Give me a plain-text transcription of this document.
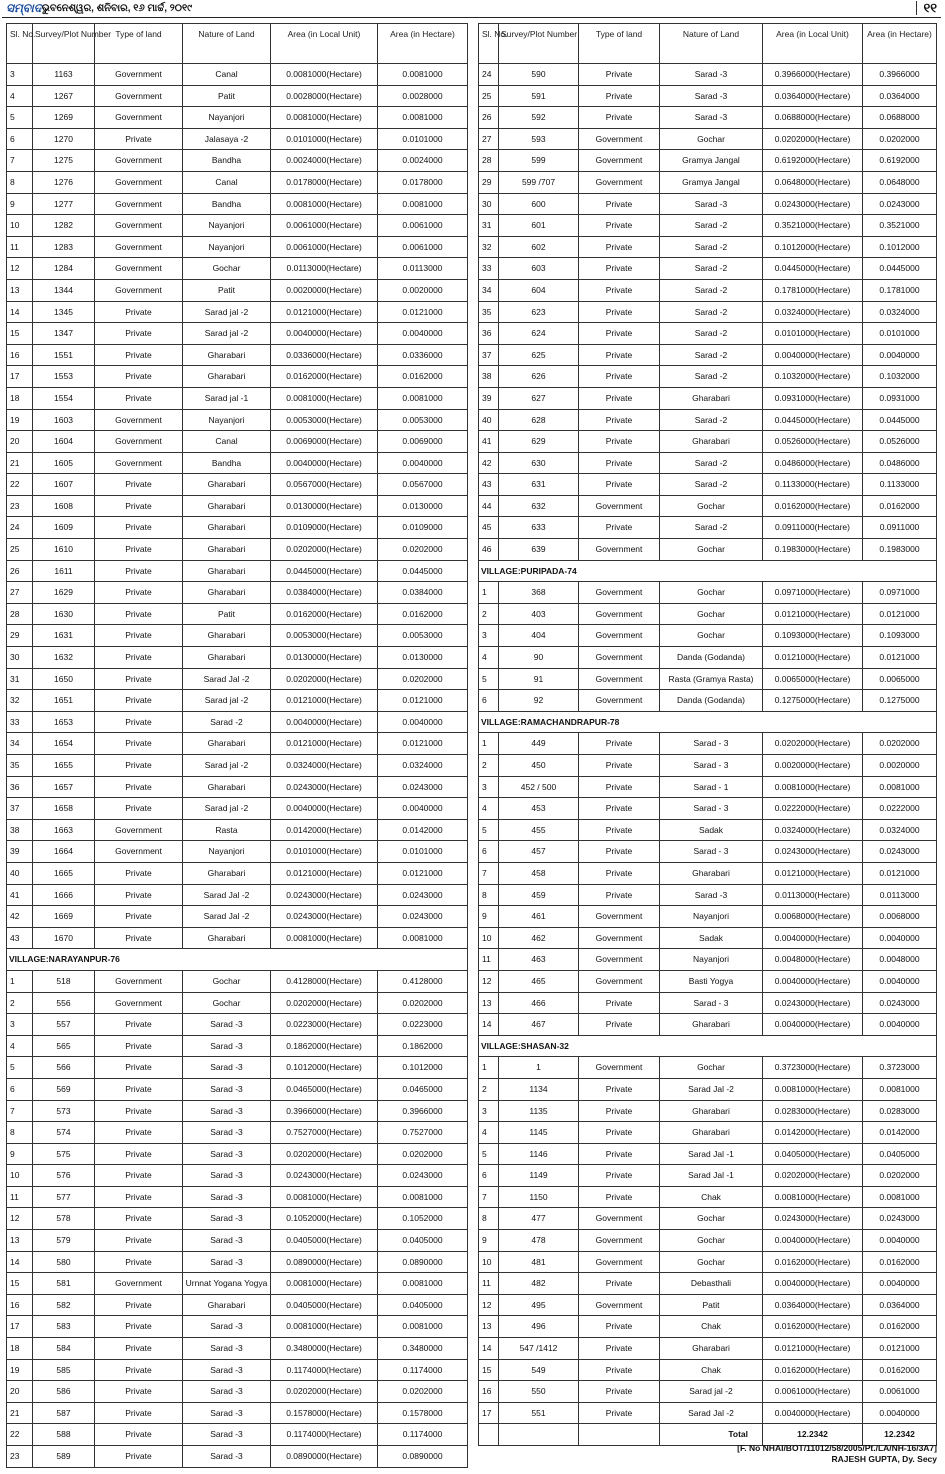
ସମ୍ବାଦ ଭୁବନେଶ୍ୱର, ଶନିବାର, ୧୬ ମାର୍ଚ୍ଚ, ୨୦୧୯	୧୧
Sl. No.	Survey/Plot Number	Type of land	Nature of Land	Area (in Local Unit)	Area (in Hectare)
3	1163	Government	Canal	0.0081000(Hectare)	0.0081000
4	1267	Government	Patit	0.0028000(Hectare)	0.0028000
5	1269	Government	Nayanjori	0.0081000(Hectare)	0.0081000
6	1270	Private	Jalasaya -2	0.0101000(Hectare)	0.0101000
7	1275	Government	Bandha	0.0024000(Hectare)	0.0024000
8	1276	Government	Canal	0.0178000(Hectare)	0.0178000
9	1277	Government	Bandha	0.0081000(Hectare)	0.0081000
10	1282	Government	Nayanjori	0.0061000(Hectare)	0.0061000
11	1283	Government	Nayanjori	0.0061000(Hectare)	0.0061000
12	1284	Government	Gochar	0.0113000(Hectare)	0.0113000
13	1344	Government	Patit	0.0020000(Hectare)	0.0020000
14	1345	Private	Sarad jal -2	0.0121000(Hectare)	0.0121000
15	1347	Private	Sarad jal -2	0.0040000(Hectare)	0.0040000
16	1551	Private	Gharabari	0.0336000(Hectare)	0.0336000
17	1553	Private	Gharabari	0.0162000(Hectare)	0.0162000
18	1554	Private	Sarad jal -1	0.0081000(Hectare)	0.0081000
19	1603	Government	Nayanjori	0.0053000(Hectare)	0.0053000
20	1604	Government	Canal	0.0069000(Hectare)	0.0069000
21	1605	Government	Bandha	0.0040000(Hectare)	0.0040000
22	1607	Private	Gharabari	0.0567000(Hectare)	0.0567000
23	1608	Private	Gharabari	0.0130000(Hectare)	0.0130000
24	1609	Private	Gharabari	0.0109000(Hectare)	0.0109000
25	1610	Private	Gharabari	0.0202000(Hectare)	0.0202000
26	1611	Private	Gharabari	0.0445000(Hectare)	0.0445000
27	1629	Private	Gharabari	0.0384000(Hectare)	0.0384000
28	1630	Private	Patit	0.0162000(Hectare)	0.0162000
29	1631	Private	Gharabari	0.0053000(Hectare)	0.0053000
30	1632	Private	Gharabari	0.0130000(Hectare)	0.0130000
31	1650	Private	Sarad Jal -2	0.0202000(Hectare)	0.0202000
32	1651	Private	Sarad jal -2	0.0121000(Hectare)	0.0121000
33	1653	Private	Sarad -2	0.0040000(Hectare)	0.0040000
34	1654	Private	Gharabari	0.0121000(Hectare)	0.0121000
35	1655	Private	Sarad jal -2	0.0324000(Hectare)	0.0324000
36	1657	Private	Gharabari	0.0243000(Hectare)	0.0243000
37	1658	Private	Sarad jal -2	0.0040000(Hectare)	0.0040000
38	1663	Government	Rasta	0.0142000(Hectare)	0.0142000
39	1664	Government	Nayanjori	0.0101000(Hectare)	0.0101000
40	1665	Private	Gharabari	0.0121000(Hectare)	0.0121000
41	1666	Private	Sarad Jal -2	0.0243000(Hectare)	0.0243000
42	1669	Private	Sarad Jal -2	0.0243000(Hectare)	0.0243000
43	1670	Private	Gharabari	0.0081000(Hectare)	0.0081000
VILLAGE:NARAYANPUR-76					
1	518	Government	Gochar	0.4128000(Hectare)	0.4128000
2	556	Government	Gochar	0.0202000(Hectare)	0.0202000
3	557	Private	Sarad -3	0.0223000(Hectare)	0.0223000
4	565	Private	Sarad -3	0.1862000(Hectare)	0.1862000
5	566	Private	Sarad -3	0.1012000(Hectare)	0.1012000
6	569	Private	Sarad -3	0.0465000(Hectare)	0.0465000
7	573	Private	Sarad -3	0.3966000(Hectare)	0.3966000
8	574	Private	Sarad -3	0.7527000(Hectare)	0.7527000
9	575	Private	Sarad -3	0.0202000(Hectare)	0.0202000
10	576	Private	Sarad -3	0.0243000(Hectare)	0.0243000
11	577	Private	Sarad -3	0.0081000(Hectare)	0.0081000
12	578	Private	Sarad -3	0.1052000(Hectare)	0.1052000
13	579	Private	Sarad -3	0.0405000(Hectare)	0.0405000
14	580	Private	Sarad -3	0.0890000(Hectare)	0.0890000
15	581	Government	Urnnat Yogana Yogya	0.0081000(Hectare)	0.0081000
16	582	Private	Gharabari	0.0405000(Hectare)	0.0405000
17	583	Private	Sarad -3	0.0081000(Hectare)	0.0081000
18	584	Private	Sarad -3	0.3480000(Hectare)	0.3480000
19	585	Private	Sarad -3	0.1174000(Hectare)	0.1174000
20	586	Private	Sarad -3	0.0202000(Hectare)	0.0202000
21	587	Private	Sarad -3	0.1578000(Hectare)	0.1578000
22	588	Private	Sarad -3	0.1174000(Hectare)	0.1174000
23	589	Private	Sarad -3	0.0890000(Hectare)	0.0890000
Sl. No.	Survey/Plot Number	Type of land	Nature of Land	Area (in Local Unit)	Area (in Hectare)
24	590	Private	Sarad -3	0.3966000(Hectare)	0.3966000
25	591	Private	Sarad -3	0.0364000(Hectare)	0.0364000
26	592	Private	Sarad -3	0.0688000(Hectare)	0.0688000
27	593	Government	Gochar	0.0202000(Hectare)	0.0202000
28	599	Government	Gramya Jangal	0.6192000(Hectare)	0.6192000
29	599 /707	Government	Gramya Jangal	0.0648000(Hectare)	0.0648000
30	600	Private	Sarad -3	0.0243000(Hectare)	0.0243000
31	601	Private	Sarad -2	0.3521000(Hectare)	0.3521000
32	602	Private	Sarad -2	0.1012000(Hectare)	0.1012000
33	603	Private	Sarad -2	0.0445000(Hectare)	0.0445000
34	604	Private	Sarad -2	0.1781000(Hectare)	0.1781000
35	623	Private	Sarad -2	0.0324000(Hectare)	0.0324000
36	624	Private	Sarad -2	0.0101000(Hectare)	0.0101000
37	625	Private	Sarad -2	0.0040000(Hectare)	0.0040000
38	626	Private	Sarad -2	0.1032000(Hectare)	0.1032000
39	627	Private	Gharabari	0.0931000(Hectare)	0.0931000
40	628	Private	Sarad -2	0.0445000(Hectare)	0.0445000
41	629	Private	Gharabari	0.0526000(Hectare)	0.0526000
42	630	Private	Sarad -2	0.0486000(Hectare)	0.0486000
43	631	Private	Sarad -2	0.1133000(Hectare)	0.1133000
44	632	Government	Gochar	0.0162000(Hectare)	0.0162000
45	633	Private	Sarad -2	0.0911000(Hectare)	0.0911000
46	639	Government	Gochar	0.1983000(Hectare)	0.1983000
VILLAGE:PURIPADA-74					
1	368	Government	Gochar	0.0971000(Hectare)	0.0971000
2	403	Government	Gochar	0.0121000(Hectare)	0.0121000
3	404	Government	Gochar	0.1093000(Hectare)	0.1093000
4	90	Government	Danda (Godanda)	0.0121000(Hectare)	0.0121000
5	91	Government	Rasta (Gramya Rasta)	0.0065000(Hectare)	0.0065000
6	92	Government	Danda (Godanda)	0.1275000(Hectare)	0.1275000
VILLAGE:RAMACHANDRAPUR-78					
1	449	Private	Sarad - 3	0.0202000(Hectare)	0.0202000
2	450	Private	Sarad - 3	0.0020000(Hectare)	0.0020000
3	452 / 500	Private	Sarad - 1	0.0081000(Hectare)	0.0081000
4	453	Private	Sarad - 3	0.0222000(Hectare)	0.0222000
5	455	Private	Sadak	0.0324000(Hectare)	0.0324000
6	457	Private	Sarad - 3	0.0243000(Hectare)	0.0243000
7	458	Private	Gharabari	0.0121000(Hectare)	0.0121000
8	459	Private	Sarad -3	0.0113000(Hectare)	0.0113000
9	461	Government	Nayanjori	0.0068000(Hectare)	0.0068000
10	462	Government	Sadak	0.0040000(Hectare)	0.0040000
11	463	Government	Nayanjori	0.0048000(Hectare)	0.0048000
12	465	Government	Basti Yogya	0.0040000(Hectare)	0.0040000
13	466	Private	Sarad - 3	0.0243000(Hectare)	0.0243000
14	467	Private	Gharabari	0.0040000(Hectare)	0.0040000
VILLAGE:SHASAN-32					
1	1	Government	Gochar	0.3723000(Hectare)	0.3723000
2	1134	Private	Sarad Jal -2	0.0081000(Hectare)	0.0081000
3	1135	Private	Gharabari	0.0283000(Hectare)	0.0283000
4	1145	Private	Gharabari	0.0142000(Hectare)	0.0142000
5	1146	Private	Sarad Jal -1	0.0405000(Hectare)	0.0405000
6	1149	Private	Sarad Jal -1	0.0202000(Hectare)	0.0202000
7	1150	Private	Chak	0.0081000(Hectare)	0.0081000
8	477	Government	Gochar	0.0243000(Hectare)	0.0243000
9	478	Government	Gochar	0.0040000(Hectare)	0.0040000
10	481	Government	Gochar	0.0162000(Hectare)	0.0162000
11	482	Private	Debasthali	0.0040000(Hectare)	0.0040000
12	495	Government	Patit	0.0364000(Hectare)	0.0364000
13	496	Private	Chak	0.0162000(Hectare)	0.0162000
14	547 /1412	Private	Gharabari	0.0121000(Hectare)	0.0121000
15	549	Private	Chak	0.0162000(Hectare)	0.0162000
16	550	Private	Sarad jal -2	0.0061000(Hectare)	0.0061000
17	551	Private	Sarad Jal -2	0.0040000(Hectare)	0.0040000
			Total	12.2342	12.2342
[F. No NHAI/BOT/11012/58/2005/Pt./LA/NH-16/3A7]
RAJESH GUPTA, Dy. Secy
